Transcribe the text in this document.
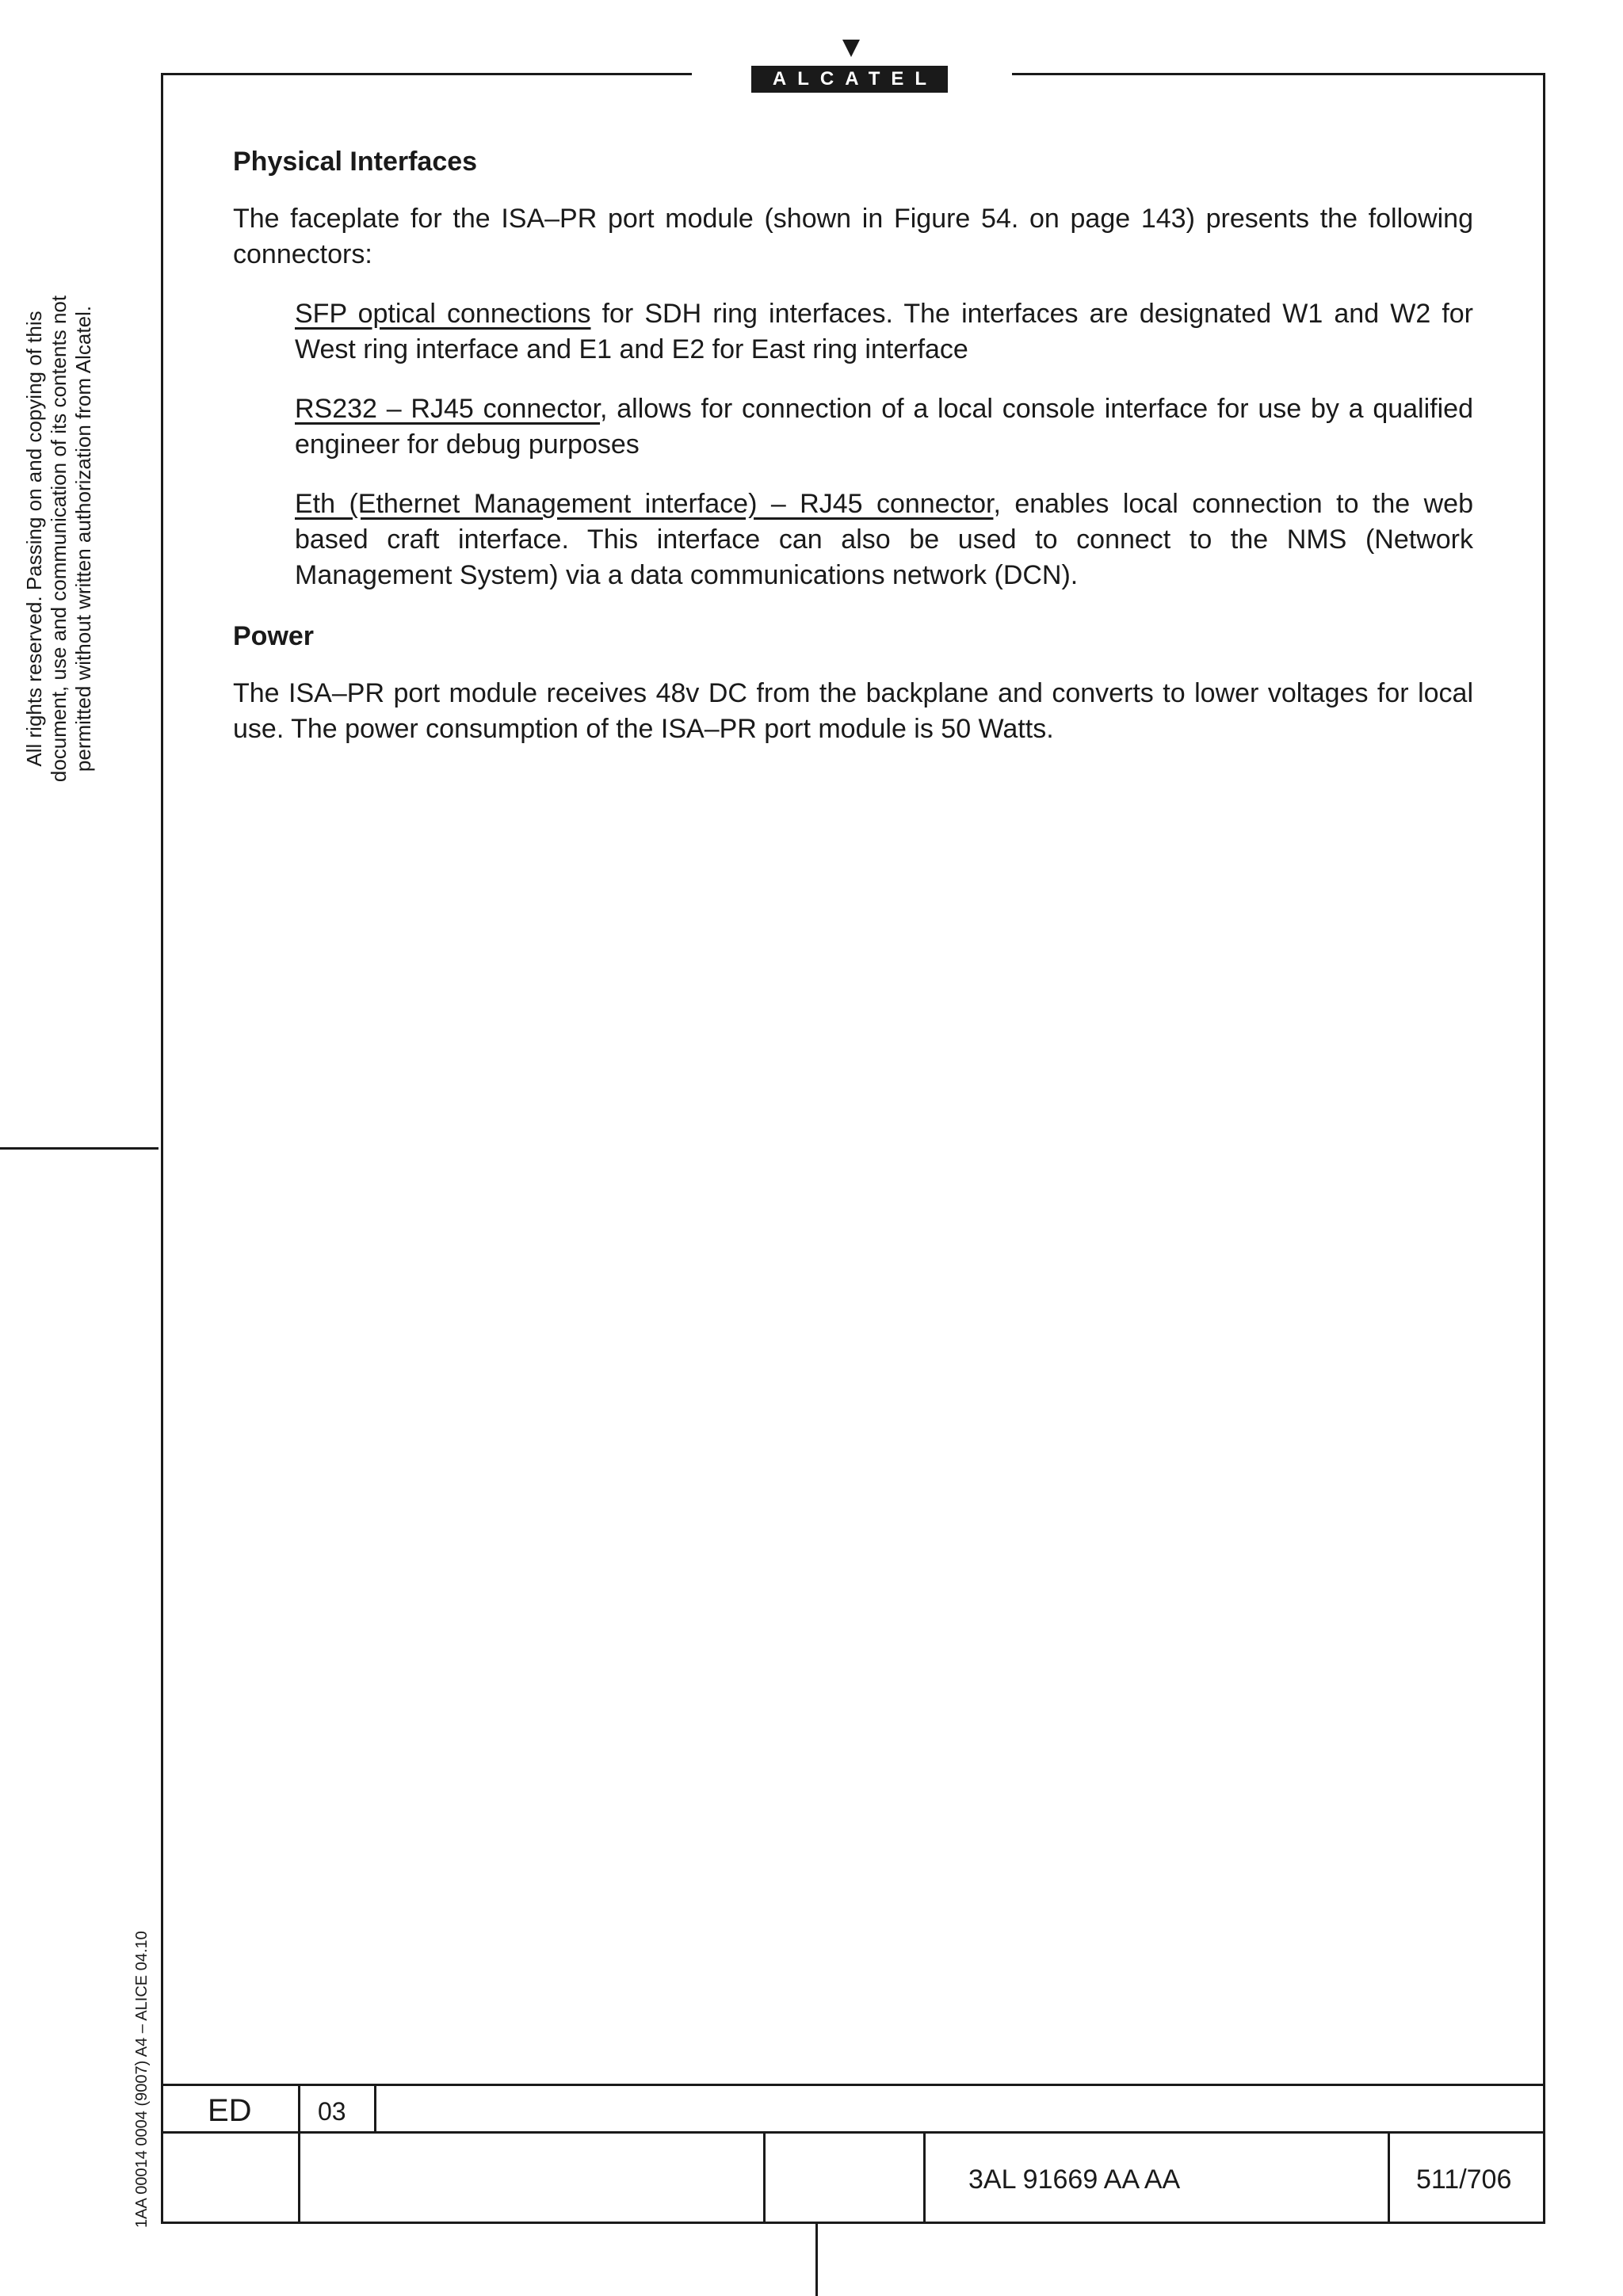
ALCATEL
All rights reserved. Passing on and copying of this document, use and communication of its contents not permitted without written authorization from Alcatel.
1AA 00014 0004 (9007) A4 – ALICE 04.10
Physical Interfaces

The faceplate for the ISA–PR port module (shown in Figure 54. on page 143) presents the following connectors:

SFP optical connections for SDH ring interfaces. The interfaces are designated W1 and W2 for West ring interface and E1 and E2 for East ring interface

RS232 – RJ45 connector, allows for connection of a local console interface for use by a qualified engineer for debug purposes

Eth (Ethernet Management interface) – RJ45 connector, enables local connection to the web based craft interface. This interface can also be used to connect to the NMS (Network Management System) via a data communications network (DCN).

Power

The ISA–PR port module receives 48v DC from the backplane and converts to lower voltages for local use. The power consumption of the ISA–PR port module is 50 Watts.

ED	03
3AL 91669 AA AA	511/706
